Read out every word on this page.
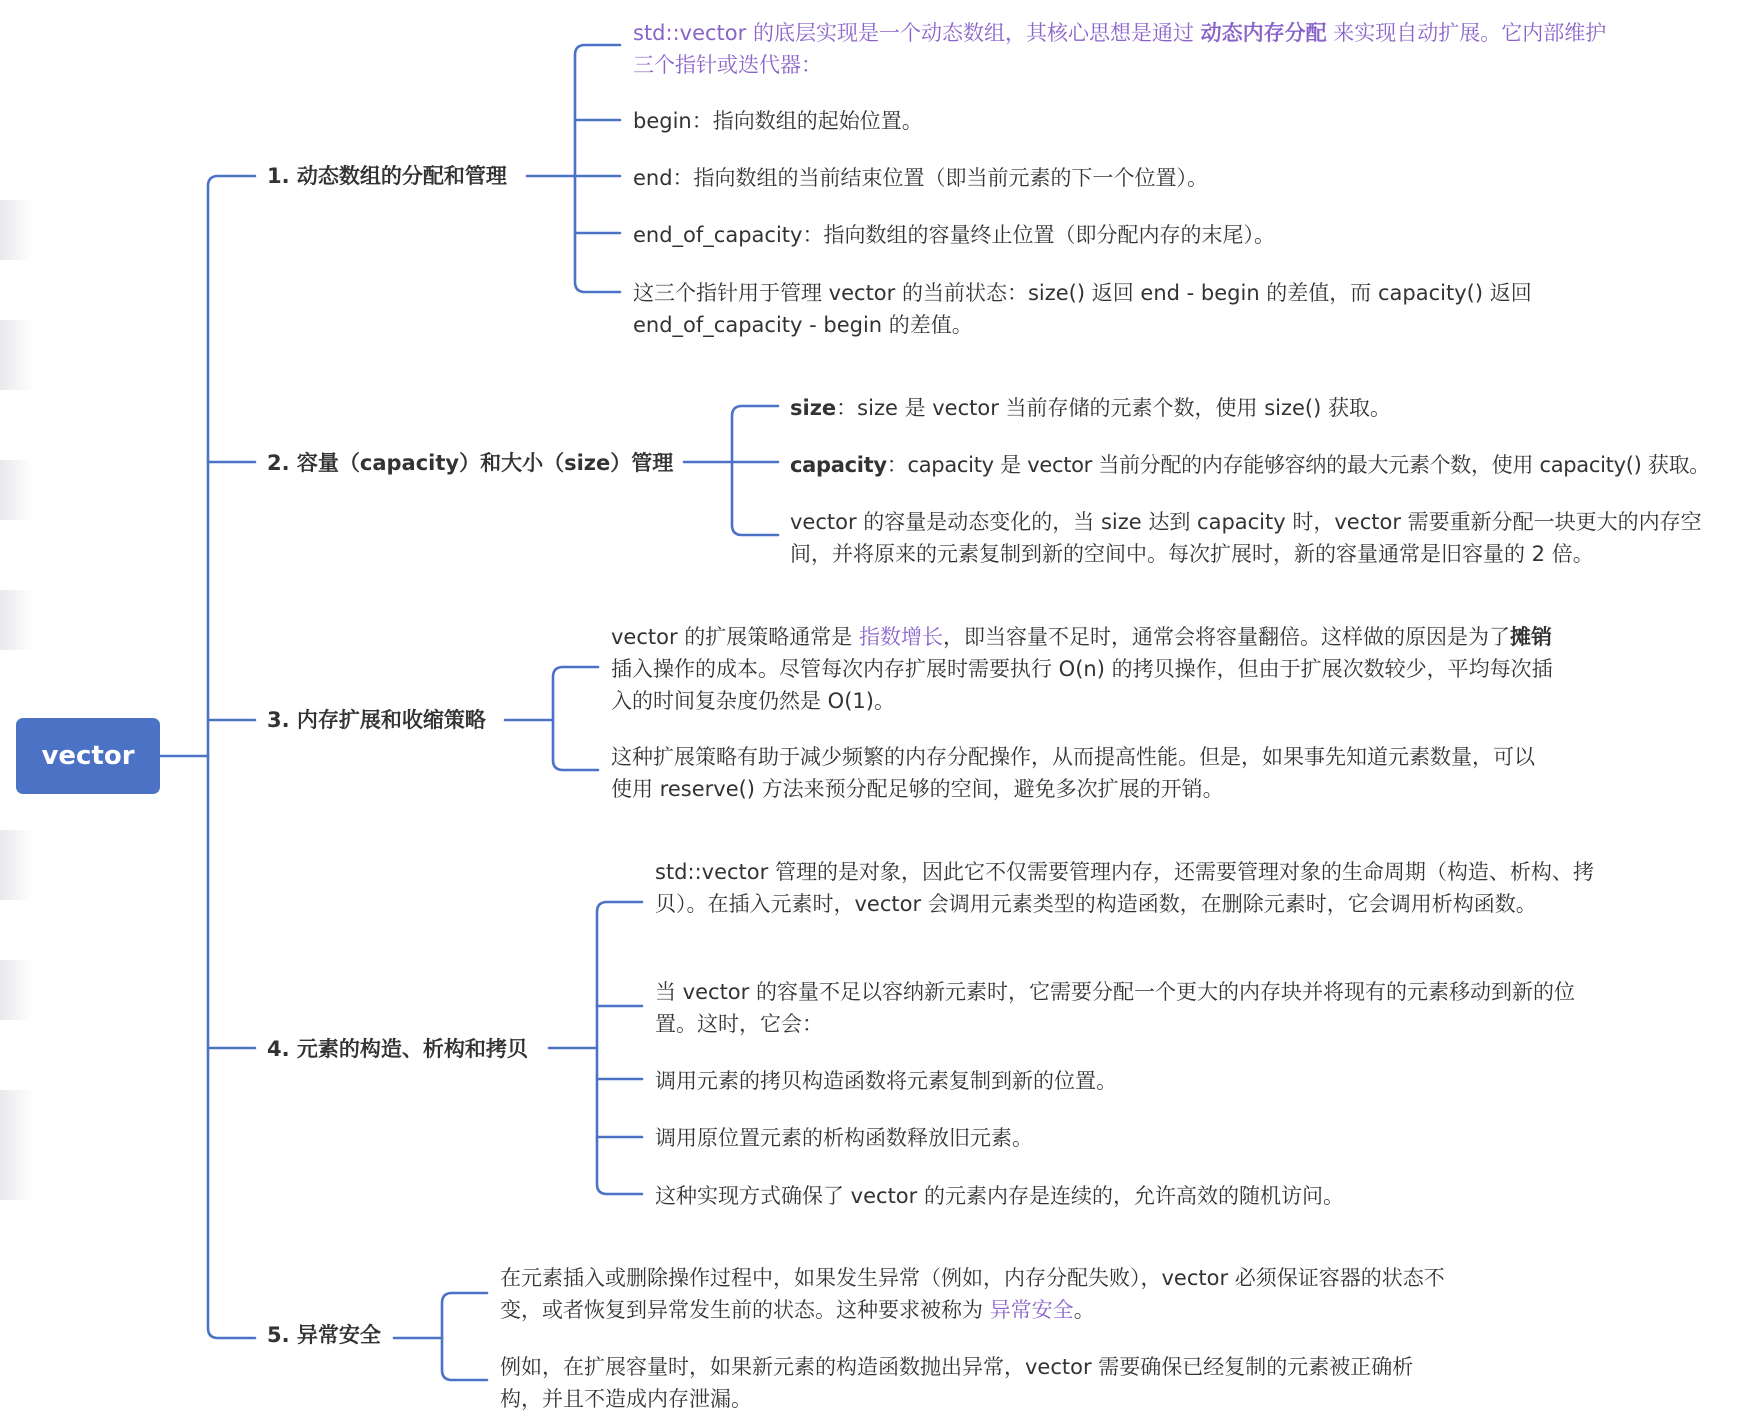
vector
1. 动态数组的分配和管理
std::vector 的底层实现是一个动态数组，其核心思想是通过 动态内存分配 来实现自动扩展。它内部维护三个指针或迭代器：
begin：指向数组的起始位置。
end：指向数组的当前结束位置（即当前元素的下一个位置）。
end_of_capacity：指向数组的容量终止位置（即分配内存的末尾）。
这三个指针用于管理 vector 的当前状态：size() 返回 end - begin 的差值，而 capacity() 返回 end_of_capacity - begin 的差值。
2. 容量（capacity）和大小（size）管理
size：size 是 vector 当前存储的元素个数，使用 size() 获取。
capacity：capacity 是 vector 当前分配的内存能够容纳的最大元素个数，使用 capacity() 获取。
vector 的容量是动态变化的，当 size 达到 capacity 时，vector 需要重新分配一块更大的内存空间，并将原来的元素复制到新的空间中。每次扩展时，新的容量通常是旧容量的 2 倍。
3. 内存扩展和收缩策略
vector 的扩展策略通常是 指数增长，即当容量不足时，通常会将容量翻倍。这样做的原因是为了摊销 插入操作的成本。尽管每次内存扩展时需要执行 O(n) 的拷贝操作，但由于扩展次数较少，平均每次插入的时间复杂度仍然是 O(1)。
这种扩展策略有助于减少频繁的内存分配操作，从而提高性能。但是，如果事先知道元素数量，可以使用 reserve() 方法来预分配足够的空间，避免多次扩展的开销。
4. 元素的构造、析构和拷贝
std::vector 管理的是对象，因此它不仅需要管理内存，还需要管理对象的生命周期（构造、析构、拷贝）。在插入元素时，vector 会调用元素类型的构造函数，在删除元素时，它会调用析构函数。
当 vector 的容量不足以容纳新元素时，它需要分配一个更大的内存块并将现有的元素移动到新的位置。这时，它会：
调用元素的拷贝构造函数将元素复制到新的位置。
调用原位置元素的析构函数释放旧元素。
这种实现方式确保了 vector 的元素内存是连续的，允许高效的随机访问。
5. 异常安全
在元素插入或删除操作过程中，如果发生异常（例如，内存分配失败），vector 必须保证容器的状态不变，或者恢复到异常发生前的状态。这种要求被称为 异常安全。
例如，在扩展容量时，如果新元素的构造函数抛出异常，vector 需要确保已经复制的元素被正确析构，并且不造成内存泄漏。
